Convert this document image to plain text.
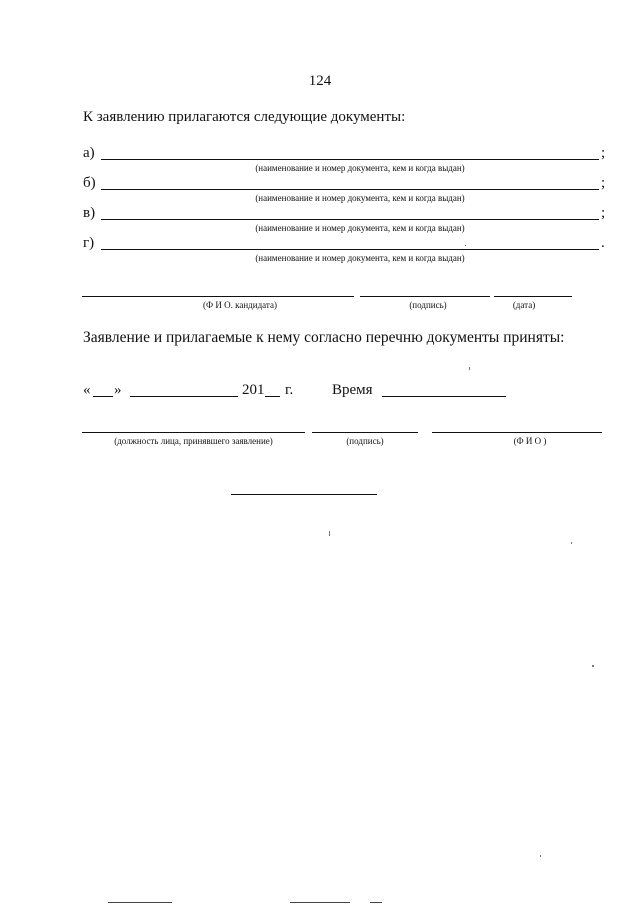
124
К заявлению прилагаются следующие документы:
а)	;
(наименование и номер документа, кем и когда выдан)
б)	;
(наименование и номер документа, кем и когда выдан)
в)	;
(наименование и номер документа, кем и когда выдан)
г)	.
(наименование и номер документа, кем и когда выдан)
(Ф И О. кандидата)	(подпись)	(дата)
Заявление и прилагаемые к нему согласно перечню документы приняты:
« »	201 г.	Время
(должность лица, принявшего заявление)	(подпись)	(Ф И О )
